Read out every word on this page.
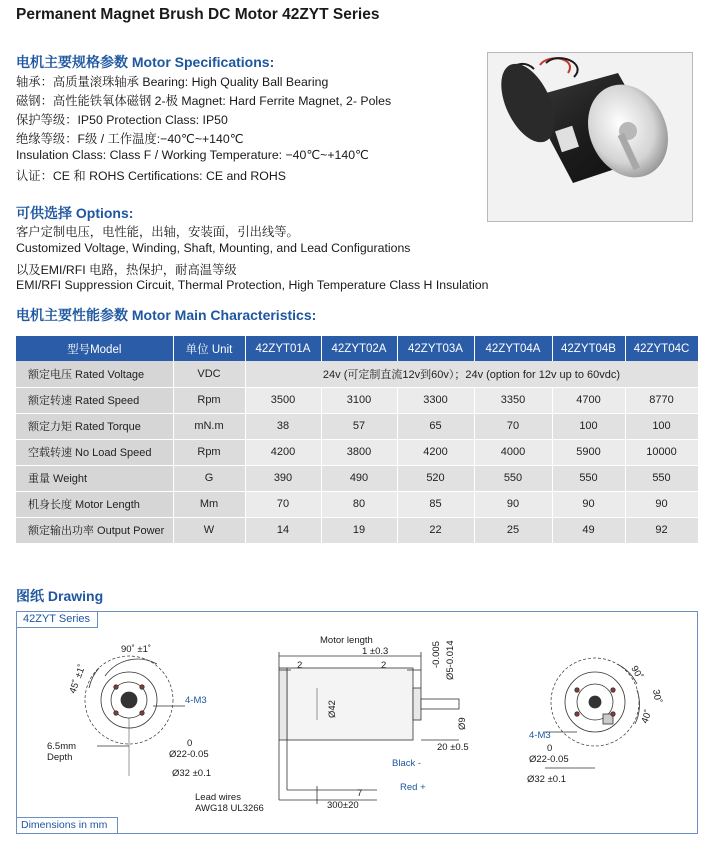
Permanent Magnet Brush DC Motor 42ZYT Series
电机主要规格参数 Motor Specifications:
轴承：高质量滚珠轴承 Bearing: High Quality Ball Bearing
磁钢：高性能铁氧体磁钢 2-极 Magnet: Hard Ferrite Magnet, 2- Poles
保护等级：IP50 Protection Class: IP50
绝缘等级：F级 / 工作温度:−40℃~+140℃
Insulation Class: Class F / Working Temperature: −40℃~+140℃
认证：CE 和 ROHS Certifications: CE and ROHS
可供选择 Options:
客户定制电压，电性能，出轴，安装面，引出线等。
Customized Voltage, Winding, Shaft, Mounting, and Lead Configurations
以及EMI/RFI 电路，热保护，耐高温等级
EMI/RFI Suppression Circuit, Thermal Protection, High Temperature Class H Insulation
电机主要性能参数 Motor Main Characteristics:
型号Model	单位 Unit	42ZYT01A	42ZYT02A	42ZYT03A	42ZYT04A	42ZYT04B	42ZYT04C
额定电压 Rated Voltage	VDC	24v (可定制直流12v到60v）；24v (option for 12v up to 60vdc)					
额定转速 Rated Speed	Rpm	3500	3100	3300	3350	4700	8770
额定力矩 Rated Torque	mN.m	38	57	65	70	100	100
空载转速 No Load Speed	Rpm	4200	3800	4200	4000	5900	10000
重量 Weight	G	390	490	520	550	550	550
机身长度 Motor Length	Mm	70	80	85	90	90	90
额定输出功率 Output Power	W	14	19	22	25	49	92
图纸 Drawing
42ZYT Series
Dimensions in mm
90˚ ±1˚
45˚ ±1˚
4-M3
6.5mm
Depth
0
Ø22-0.05
Ø32 ±0.1
Motor length
1 ±0.3
2	2	-0.005 Ø5-0.014
Ø42
Ø9
20 ±0.5
Black -
Red +
Lead wires
AWG18 UL3266
7
300±20
90˚
30˚
40˚
4-M3
0
Ø22-0.05
Ø32 ±0.1
